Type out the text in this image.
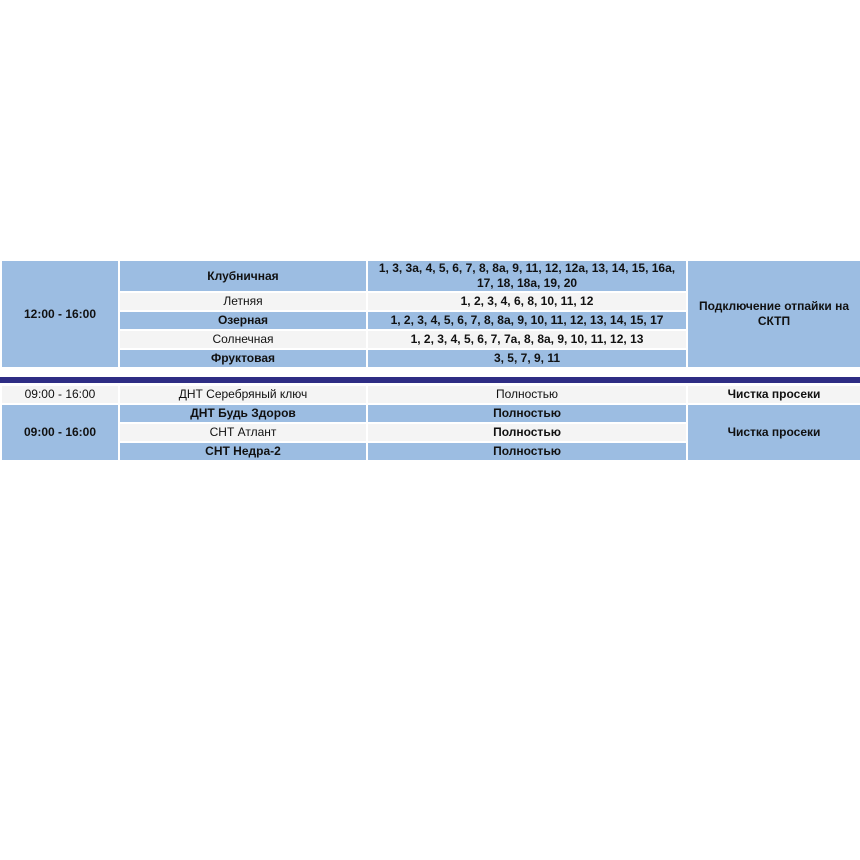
12:00 - 16:00	Клубничная	1, 3, 3а, 4, 5, 6, 7, 8, 8а, 9, 11, 12, 12а, 13, 14, 15, 16а, 17, 18, 18а, 19, 20	Подключение отпайки на СКТП
	Летняя	1, 2, 3, 4, 6, 8, 10, 11, 12	
	Озерная	1, 2, 3, 4, 5, 6, 7, 8, 8а, 9, 10, 11, 12, 13, 14, 15, 17	
	Солнечная	1, 2, 3, 4, 5, 6, 7, 7а, 8, 8а, 9, 10, 11, 12, 13	
	Фруктовая	3, 5, 7, 9, 11	
09:00 - 16:00	ДНТ Серебряный ключ	Полностью	Чистка просеки
09:00 - 16:00	ДНТ Будь Здоров	Полностью	Чистка просеки
	СНТ Атлант	Полностью	
	СНТ Недра-2	Полностью	
